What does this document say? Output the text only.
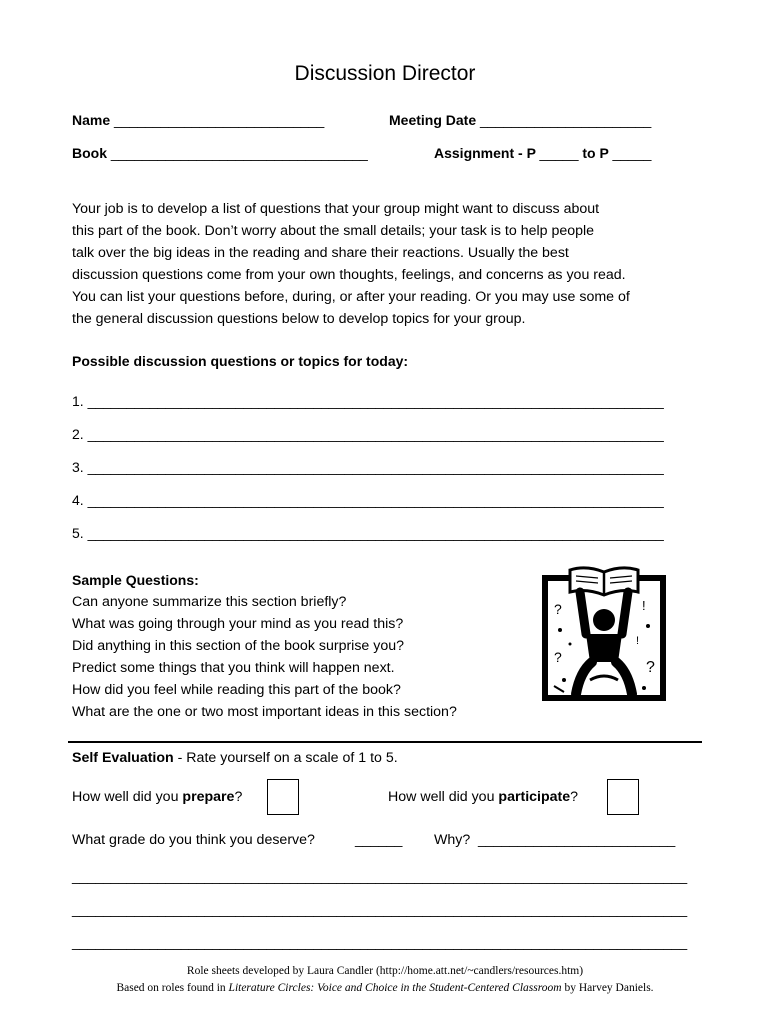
Discussion Director
Name ___________________________	Meeting Date ______________________
Book _________________________________	Assignment - P _____ to P _____

Your job is to develop a list of questions that your group might want to discuss about

this part of the book. Don’t worry about the small details; your task is to help people

talk over the big ideas in the reading and share their reactions. Usually the best

discussion questions come from your own thoughts, feelings, and concerns as you read.

You can list your questions before, during, or after your reading. Or you may use some of

the general discussion questions below to develop topics for your group.

Possible discussion questions or topics for today:
1. __________________________________________________________________________
2. __________________________________________________________________________
3. __________________________________________________________________________
4. __________________________________________________________________________
5. __________________________________________________________________________
Sample Questions:
Can anyone summarize this section briefly?
What was going through your mind as you read this?
Did anything in this section of the book surprise you?
Predict some things that you think will happen next.
How did you feel while reading this part of the book?
What are the one or two most important ideas in this section?
?	!
?
?
!
Self Evaluation - Rate yourself on a scale of 1 to 5.
How well did you prepare?	How well did you participate?
What grade do you think you deserve?	______ Why? _________________________
_______________________________________________________________________________
_______________________________________________________________________________
_______________________________________________________________________________
Role sheets developed by Laura Candler (http://home.att.net/~candlers/resources.htm)
Based on roles found in Literature Circles: Voice and Choice in the Student-Centered Classroom by Harvey Daniels.
